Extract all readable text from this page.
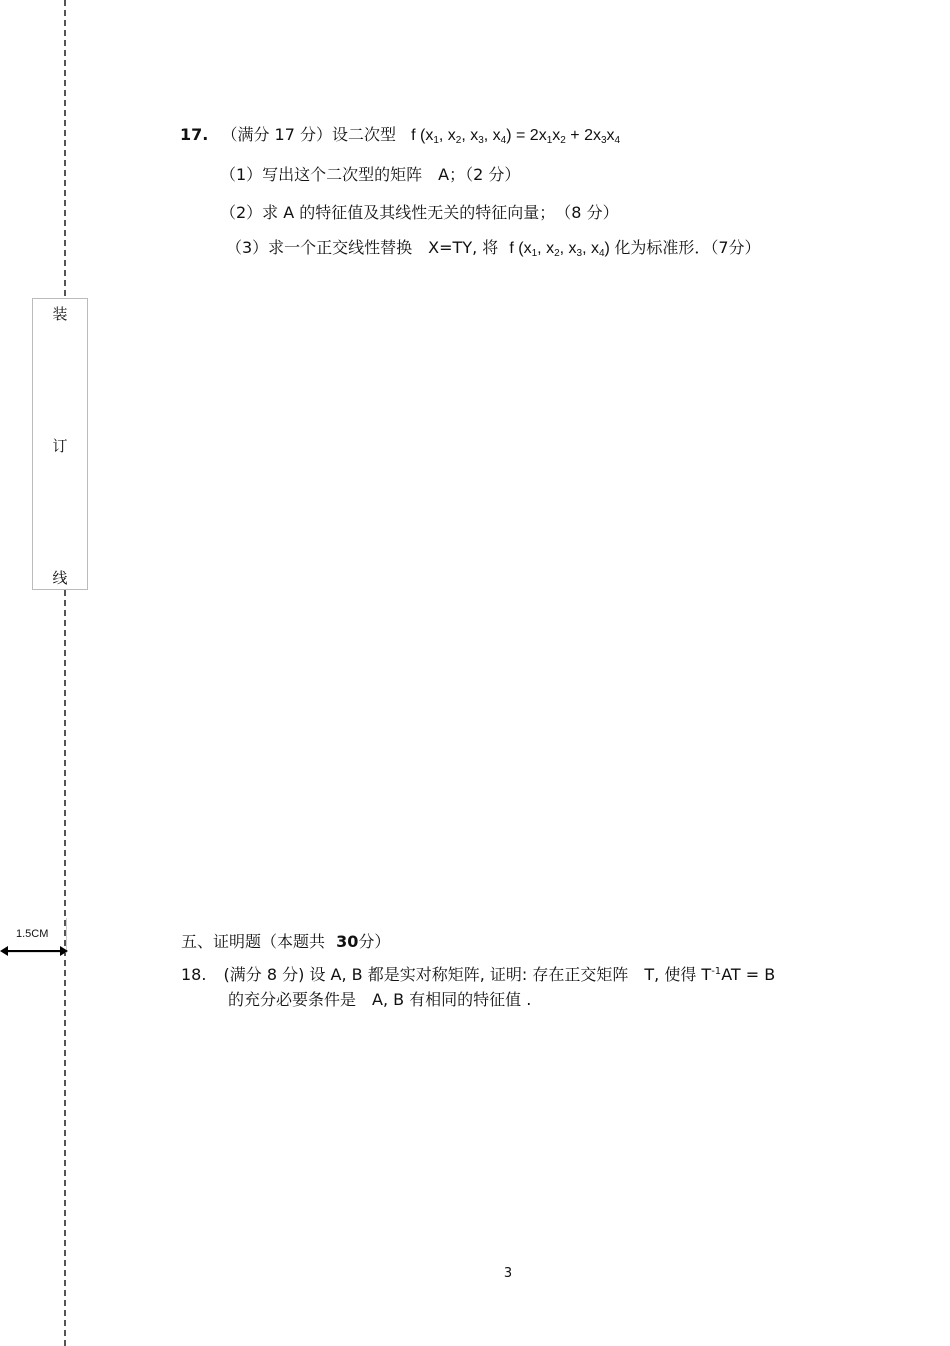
装
订
线
1.5CM
17. （满分 17 分）设二次型 f ($x_1$, $x_2$, $x_3$, $x_4) = 2x_1x_2 + 2x_3x_4$
（1）写出这个二次型的矩阵　A；（2 分）
（2）求 A 的特征值及其线性无关的特征向量；　（8 分）
（3）求一个正交线性替换　X=TY, 将 f ($x_1$, $x_2$, $x_3$, $x_4$) 化为标准形．（7分）
五、证明题（本题共 30分）
18. (满分 8 分) 设 A, B 都是实对称矩阵, 证明: 存在正交矩阵　T, 使得 $T^{-1}AT = B$
的充分必要条件是　A, B 有相同的特征值 .
3
